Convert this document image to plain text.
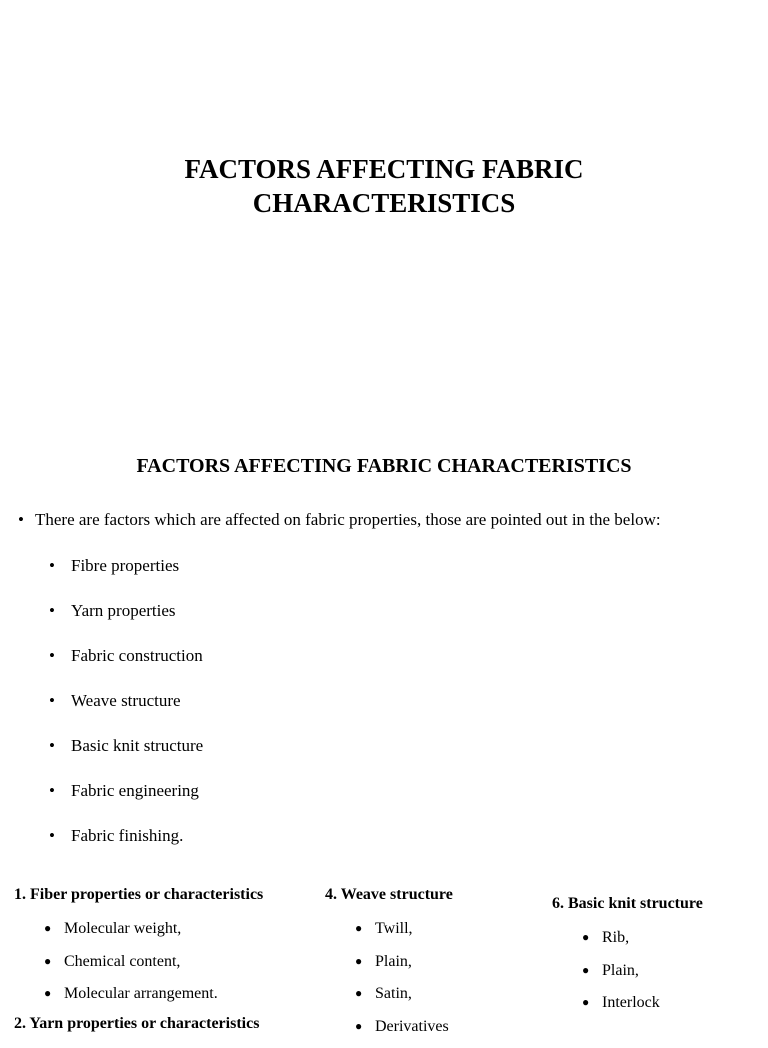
FACTORS AFFECTING FABRIC
CHARACTERISTICS
FACTORS AFFECTING FABRIC CHARACTERISTICS
• There are factors which are affected on fabric properties, those are pointed out in the below:
• Fibre properties
• Yarn properties
• Fabric construction
• Weave structure
• Basic knit structure
• Fabric engineering
• Fabric finishing.
1. Fiber properties or characteristics
● Molecular weight,
● Chemical content,
● Molecular arrangement.
4. Weave structure
● Twill,
● Plain,
● Satin,
● Derivatives
6. Basic knit structure
● Rib,
● Plain,
● Interlock
2. Yarn properties or characteristics
